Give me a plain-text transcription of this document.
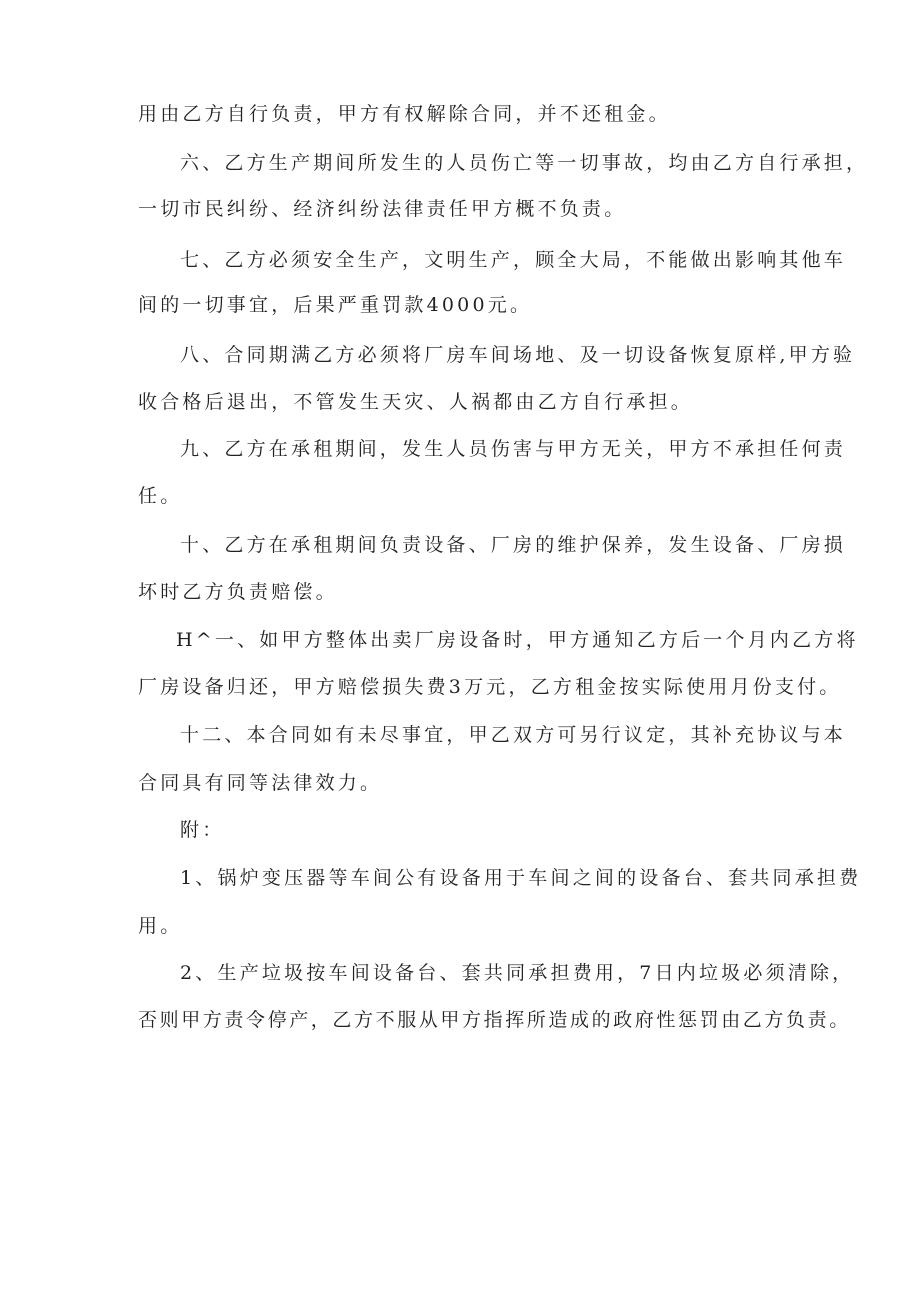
用由乙方自行负责，甲方有权解除合同，并不还租金。
六、乙方生产期间所发生的人员伤亡等一切事故，均由乙方自行承担，
一切市民纠纷、经济纠纷法律责任甲方概不负责。
七、乙方必须安全生产，文明生产，顾全大局，不能做出影响其他车
间的一切事宜，后果严重罚款4000元。
八、合同期满乙方必须将厂房车间场地、及一切设备恢复原样,甲方验
收合格后退出，不管发生天灾、人祸都由乙方自行承担。
九、乙方在承租期间，发生人员伤害与甲方无关，甲方不承担任何责
任。
十、乙方在承租期间负责设备、厂房的维护保养，发生设备、厂房损
坏时乙方负责赔偿。
H^一、如甲方整体出卖厂房设备时，甲方通知乙方后一个月内乙方将
厂房设备归还，甲方赔偿损失费3万元，乙方租金按实际使用月份支付。
十二、本合同如有未尽事宜，甲乙双方可另行议定，其补充协议与本
合同具有同等法律效力。
附：
1、锅炉变压器等车间公有设备用于车间之间的设备台、套共同承担费
用。
2、生产垃圾按车间设备台、套共同承担费用，7日内垃圾必须清除，
否则甲方责令停产，乙方不服从甲方指挥所造成的政府性惩罚由乙方负责。
